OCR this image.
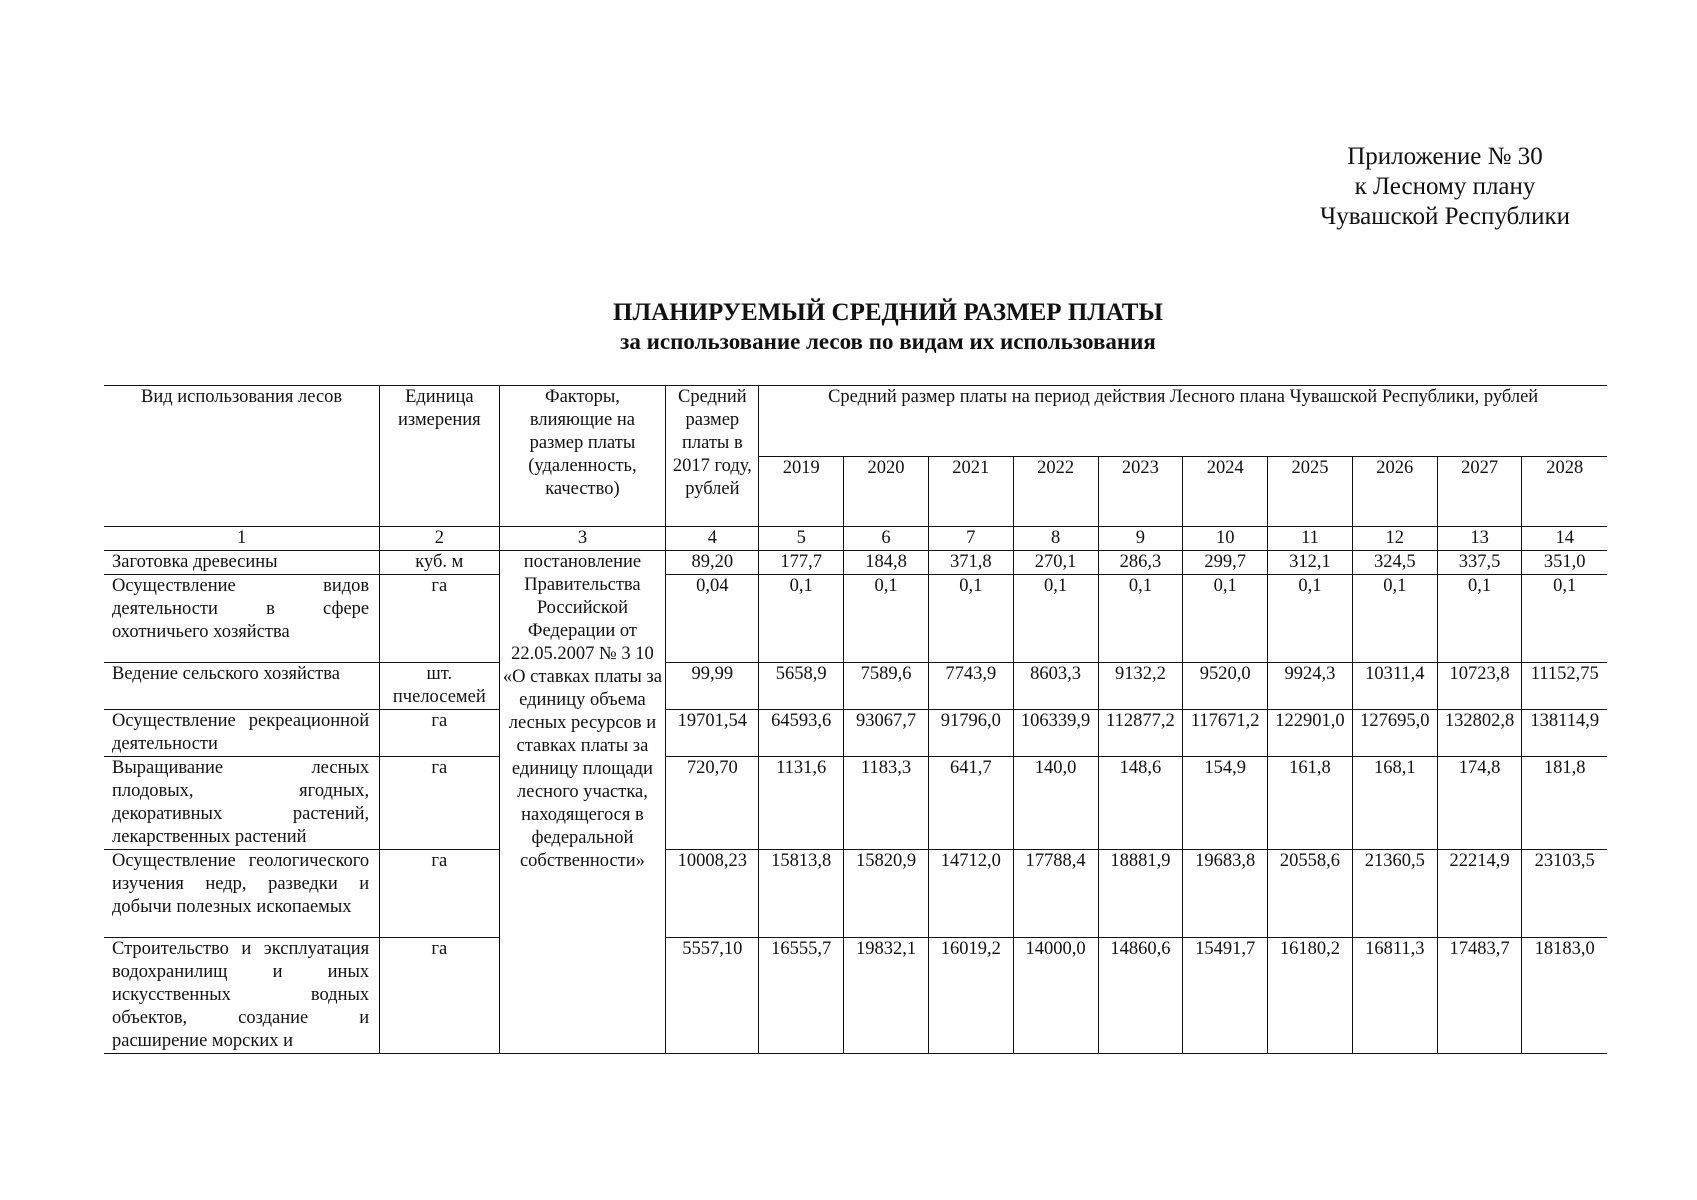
Приложение № 30
к Лесному плану
Чувашской Республики
ПЛАНИРУЕМЫЙ СРЕДНИЙ РАЗМЕР ПЛАТЫ
за использование лесов по видам их использования
Вид использования лесов	Единица измерения	Факторы, влияющие на размер платы (удаленность, качество)	Средний размер платы в 2017 году, рублей	Средний размер платы на период действия Лесного плана Чувашской Республики, рублей									
				2019	2020	2021	2022	2023	2024	2025	2026	2027	2028
1	2	3	4	5	6	7	8	9	10	11	12	13	14
Заготовка древесины	куб. м	постановление Правительства Российской Федерации от 22.05.2007 № 3 10 «О ставках платы за единицу объема лесных ресурсов и ставках платы за единицу площади лесного участка, находящегося в федеральной собственности»	89,20	177,7	184,8	371,8	270,1	286,3	299,7	312,1	324,5	337,5	351,0
Осуществление видов деятельности в сфере охотничьего хозяйства	га		0,04	0,1	0,1	0,1	0,1	0,1	0,1	0,1	0,1	0,1	0,1
Ведение сельского хозяйства	шт. пчелосемей		99,99	5658,9	7589,6	7743,9	8603,3	9132,2	9520,0	9924,3	10311,4	10723,8	11152,75
Осуществление рекреационной деятельности	га		19701,54	64593,6	93067,7	91796,0	106339,9	112877,2	117671,2	122901,0	127695,0	132802,8	138114,9
Выращивание лесных плодовых, ягодных, декоративных растений, лекарственных растений	га		720,70	1131,6	1183,3	641,7	140,0	148,6	154,9	161,8	168,1	174,8	181,8
Осуществление геологического изучения недр, разведки и добычи полезных ископаемых	га		10008,23	15813,8	15820,9	14712,0	17788,4	18881,9	19683,8	20558,6	21360,5	22214,9	23103,5
Строительство и эксплуатация водохранилищ и иных искусственных водных объектов, создание и расширение морских и	га		5557,10	16555,7	19832,1	16019,2	14000,0	14860,6	15491,7	16180,2	16811,3	17483,7	18183,0
